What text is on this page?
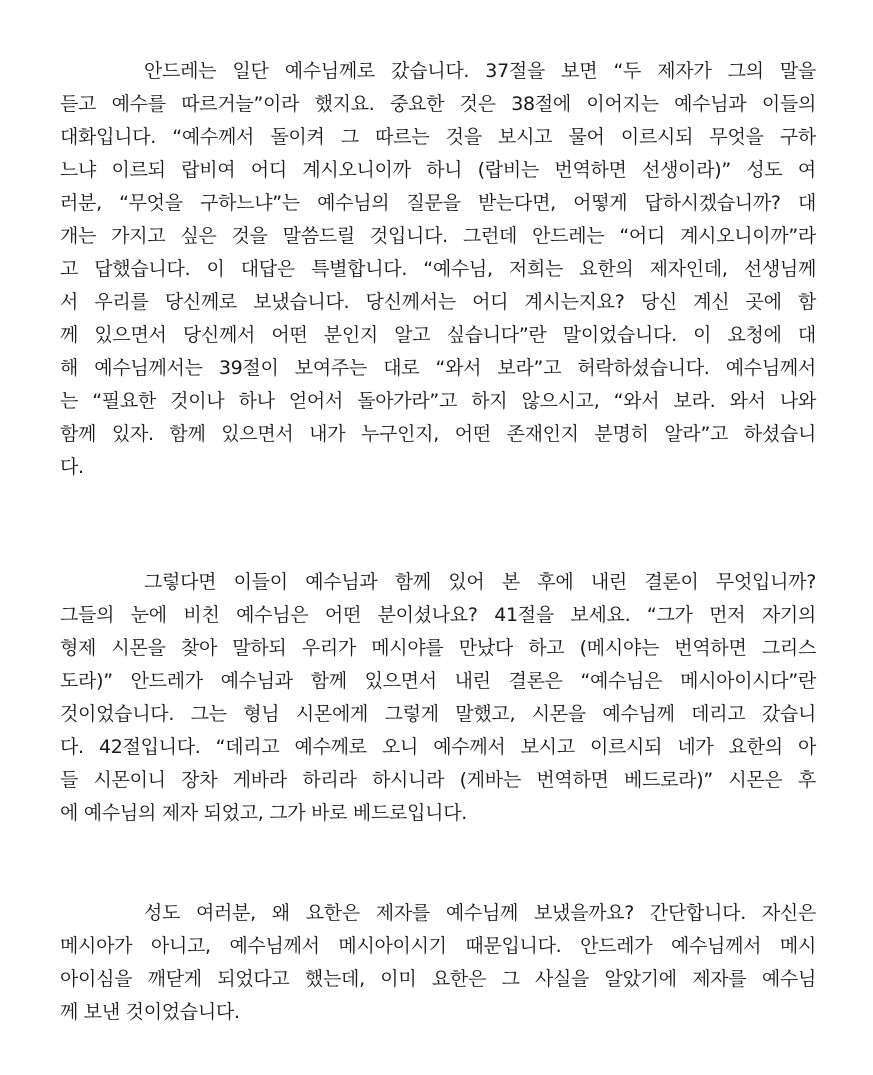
안드레는 일단 예수님께로 갔습니다. 37절을 보면 “두 제자가 그의 말을
듣고 예수를 따르거늘”이라 했지요. 중요한 것은 38절에 이어지는 예수님과 이들의
대화입니다. “예수께서 돌이켜 그 따르는 것을 보시고 물어 이르시되 무엇을 구하
느냐 이르되 랍비여 어디 계시오니이까 하니 (랍비는 번역하면 선생이라)” 성도 여
러분, “무엇을 구하느냐”는 예수님의 질문을 받는다면, 어떻게 답하시겠습니까? 대
개는 가지고 싶은 것을 말씀드릴 것입니다. 그런데 안드레는 “어디 계시오니이까”라
고 답했습니다. 이 대답은 특별합니다. “예수님, 저희는 요한의 제자인데, 선생님께
서 우리를 당신께로 보냈습니다. 당신께서는 어디 계시는지요? 당신 계신 곳에 함
께 있으면서 당신께서 어떤 분인지 알고 싶습니다”란 말이었습니다. 이 요청에 대
해 예수님께서는 39절이 보여주는 대로 “와서 보라”고 허락하셨습니다. 예수님께서
는 “필요한 것이나 하나 얻어서 돌아가라”고 하지 않으시고, “와서 보라. 와서 나와
함께 있자. 함께 있으면서 내가 누구인지, 어떤 존재인지 분명히 알라”고 하셨습니
다.
그렇다면 이들이 예수님과 함께 있어 본 후에 내린 결론이 무엇입니까?
그들의 눈에 비친 예수님은 어떤 분이셨나요? 41절을 보세요. “그가 먼저 자기의
형제 시몬을 찾아 말하되 우리가 메시야를 만났다 하고 (메시야는 번역하면 그리스
도라)” 안드레가 예수님과 함께 있으면서 내린 결론은 “예수님은 메시아이시다”란
것이었습니다. 그는 형님 시몬에게 그렇게 말했고, 시몬을 예수님께 데리고 갔습니
다. 42절입니다. “데리고 예수께로 오니 예수께서 보시고 이르시되 네가 요한의 아
들 시몬이니 장차 게바라 하리라 하시니라 (게바는 번역하면 베드로라)” 시몬은 후
에 예수님의 제자 되었고, 그가 바로 베드로입니다.
성도 여러분, 왜 요한은 제자를 예수님께 보냈을까요? 간단합니다. 자신은
메시아가 아니고, 예수님께서 메시아이시기 때문입니다. 안드레가 예수님께서 메시
아이심을 깨닫게 되었다고 했는데, 이미 요한은 그 사실을 알았기에 제자를 예수님
께 보낸 것이었습니다.
